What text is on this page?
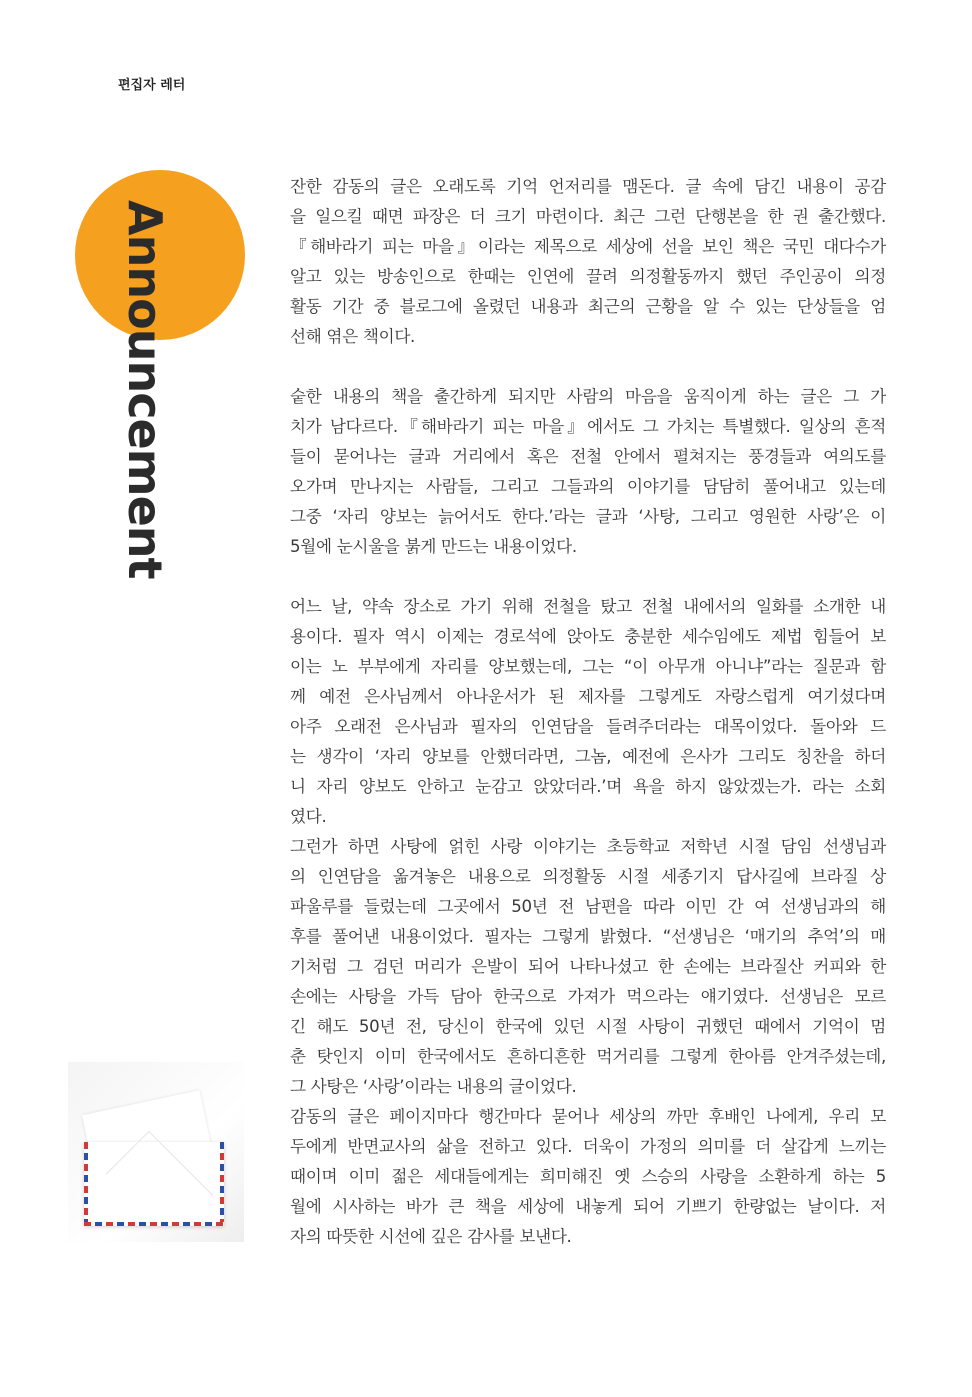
편집자 레터
Announcement
잔한 감동의 글은 오래도록 기억 언저리를 맴돈다. 글 속에 담긴 내용이 공감
을 일으킬 때면 파장은 더 크기 마련이다. 최근 그런 단행본을 한 권 출간했다.
『해바라기 피는 마을』이라는 제목으로 세상에 선을 보인 책은 국민 대다수가
알고 있는 방송인으로 한때는 인연에 끌려 의정활동까지 했던 주인공이 의정
활동 기간 중 블로그에 올렸던 내용과 최근의 근황을 알 수 있는 단상들을 엄
선해 엮은 책이다.
숱한 내용의 책을 출간하게 되지만 사람의 마음을 움직이게 하는 글은 그 가
치가 남다르다.『해바라기 피는 마을』에서도 그 가치는 특별했다. 일상의 흔적
들이 묻어나는 글과 거리에서 혹은 전철 안에서 펼쳐지는 풍경들과 여의도를
오가며 만나지는 사람들, 그리고 그들과의 이야기를 담담히 풀어내고 있는데
그중 ‘자리 양보는 늙어서도 한다.’라는 글과 ‘사탕, 그리고 영원한 사랑’은 이
5월에 눈시울을 붉게 만드는 내용이었다.
어느 날, 약속 장소로 가기 위해 전철을 탔고 전철 내에서의 일화를 소개한 내
용이다. 필자 역시 이제는 경로석에 앉아도 충분한 세수임에도 제법 힘들어 보
이는 노 부부에게 자리를 양보했는데, 그는 “이 아무개 아니냐”라는 질문과 함
께 예전 은사님께서 아나운서가 된 제자를 그렇게도 자랑스럽게 여기셨다며
아주 오래전 은사님과 필자의 인연담을 들려주더라는 대목이었다. 돌아와 드
는 생각이 ‘자리 양보를 안했더라면, 그놈, 예전에 은사가 그리도 칭찬을 하더
니 자리 양보도 안하고 눈감고 앉았더라.’며 욕을 하지 않았겠는가. 라는 소회
였다.
그런가 하면 사탕에 얽힌 사랑 이야기는 초등학교 저학년 시절 담임 선생님과
의 인연담을 옮겨놓은 내용으로 의정활동 시절 세종기지 답사길에 브라질 상
파울루를 들렀는데 그곳에서 50년 전 남편을 따라 이민 간 여 선생님과의 해
후를 풀어낸 내용이었다. 필자는 그렇게 밝혔다. “선생님은 ‘매기의 추억’의 매
기처럼 그 검던 머리가 은발이 되어 나타나셨고 한 손에는 브라질산 커피와 한
손에는 사탕을 가득 담아 한국으로 가져가 먹으라는 얘기였다. 선생님은 모르
긴 해도 50년 전, 당신이 한국에 있던 시절 사탕이 귀했던 때에서 기억이 멈
춘 탓인지 이미 한국에서도 흔하디흔한 먹거리를 그렇게 한아름 안겨주셨는데,
그 사탕은 ‘사랑’이라는 내용의 글이었다.
감동의 글은 페이지마다 행간마다 묻어나 세상의 까만 후배인 나에게, 우리 모
두에게 반면교사의 삶을 전하고 있다. 더욱이 가정의 의미를 더 살갑게 느끼는
때이며 이미 젊은 세대들에게는 희미해진 옛 스승의 사랑을 소환하게 하는 5
월에 시사하는 바가 큰 책을 세상에 내놓게 되어 기쁘기 한량없는 날이다. 저
자의 따뜻한 시선에 깊은 감사를 보낸다.
